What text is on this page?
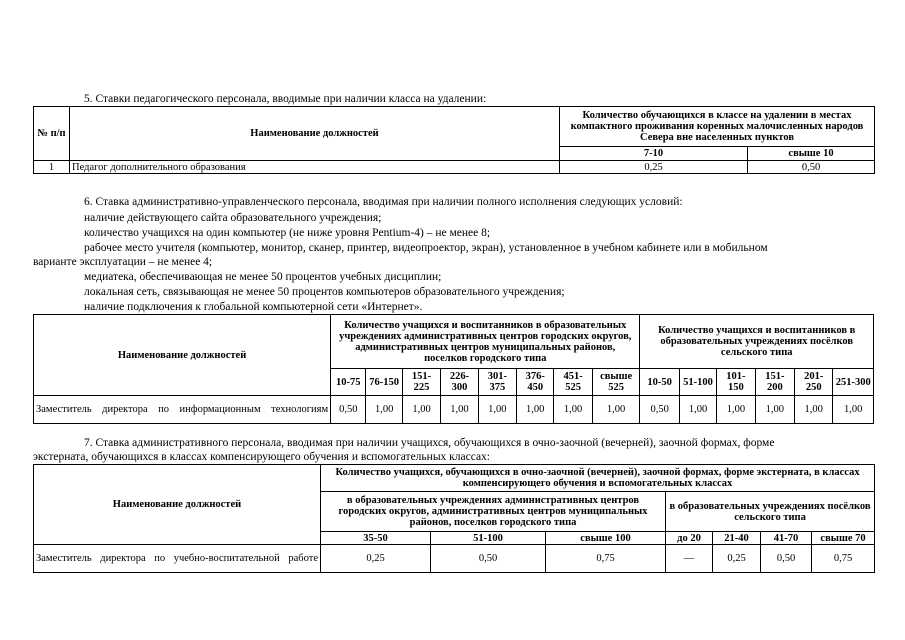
5. Ставки педагогического персонала, вводимые при наличии класса на удалении:
№ п/п	Наименование должностей	Количество обучающихся в классе на удалении в местах компактного проживания коренных малочисленных народов Севера вне населенных пунктов	
		7-10	свыше 10
1	Педагог дополнительного образования	0,25	0,50
6. Ставка административно-управленческого персонала, вводимая при наличии полного исполнения следующих условий:
наличие действующего сайта образовательного учреждения;
количество учащихся на один компьютер (не ниже уровня Pentium-4) – не менее 8;
рабочее место учителя (компьютер, монитор, сканер, принтер, видеопроектор, экран), установленное в учебном кабинете или в мобильном
варианте эксплуатации – не менее 4;
медиатека, обеспечивающая не менее 50 процентов учебных дисциплин;
локальная сеть, связывающая не менее 50 процентов компьютеров образовательного учреждения;
наличие подключения к глобальной компьютерной сети «Интернет».
Наименование должностей	Количество учащихся и воспитанников в образовательных учреждениях административных центров городских округов, административных центров муниципальных районов, поселков городского типа								Количество учащихся и воспитанников в образовательных учреждениях посёлков сельского типа					
	10-75	76-150	151-225	226-300	301-375	376-450	451-525	свыше 525	10-50	51-100	101-150	151-200	201-250	251-300
Заместитель директора по информационным технологиям	0,50	1,00	1,00	1,00	1,00	1,00	1,00	1,00	0,50	1,00	1,00	1,00	1,00	1,00
7. Ставка административного персонала, вводимая при наличии учащихся, обучающихся в очно-заочной (вечерней), заочной формах, форме
экстерната, обучающихся в классах компенсирующего обучения и вспомогательных классах:
Наименование должностей	Количество учащихся, обучающихся в очно-заочной (вечерней), заочной формах, форме экстерната, в классах компенсирующего обучения и вспомогательных классах						
	в образовательных учреждениях административных центров городских округов, административных центров муниципальных районов, поселков городского типа			в образовательных учреждениях посёлков сельского типа			
	35-50	51-100	свыше 100	до 20	21-40	41-70	свыше 70
Заместитель директора по учебно-воспитательной работе	0,25	0,50	0,75	—	0,25	0,50	0,75
